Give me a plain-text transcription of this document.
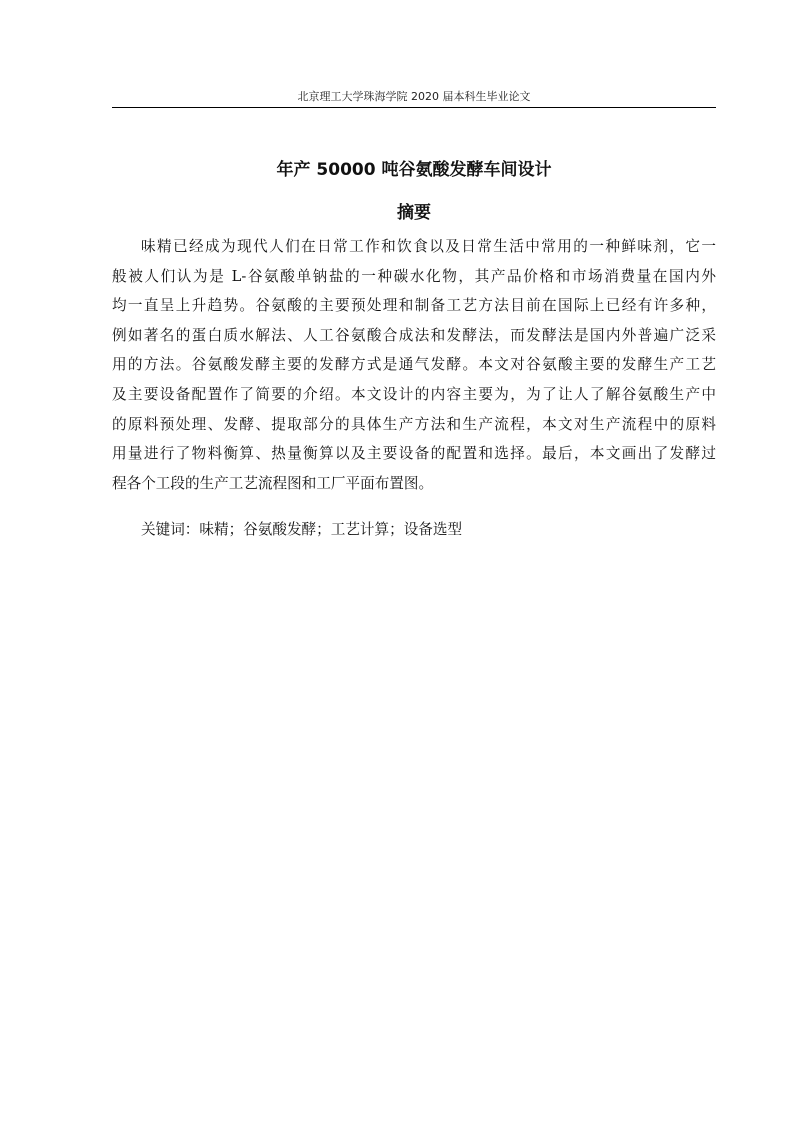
北京理工大学珠海学院 2020 届本科生毕业论文
年产 50000 吨谷氨酸发酵车间设计
摘要
味精已经成为现代人们在日常工作和饮食以及日常生活中常用的一种鲜味剂，它一
般被人们认为是 L-谷氨酸单钠盐的一种碳水化物，其产品价格和市场消费量在国内外
均一直呈上升趋势。谷氨酸的主要预处理和制备工艺方法目前在国际上已经有许多种，
例如著名的蛋白质水解法、人工谷氨酸合成法和发酵法，而发酵法是国内外普遍广泛采
用的方法。谷氨酸发酵主要的发酵方式是通气发酵。本文对谷氨酸主要的发酵生产工艺
及主要设备配置作了简要的介绍。本文设计的内容主要为，为了让人了解谷氨酸生产中
的原料预处理、发酵、提取部分的具体生产方法和生产流程，本文对生产流程中的原料
用量进行了物料衡算、热量衡算以及主要设备的配置和选择。最后，本文画出了发酵过
程各个工段的生产工艺流程图和工厂平面布置图。
关键词：味精；谷氨酸发酵；工艺计算；设备选型
